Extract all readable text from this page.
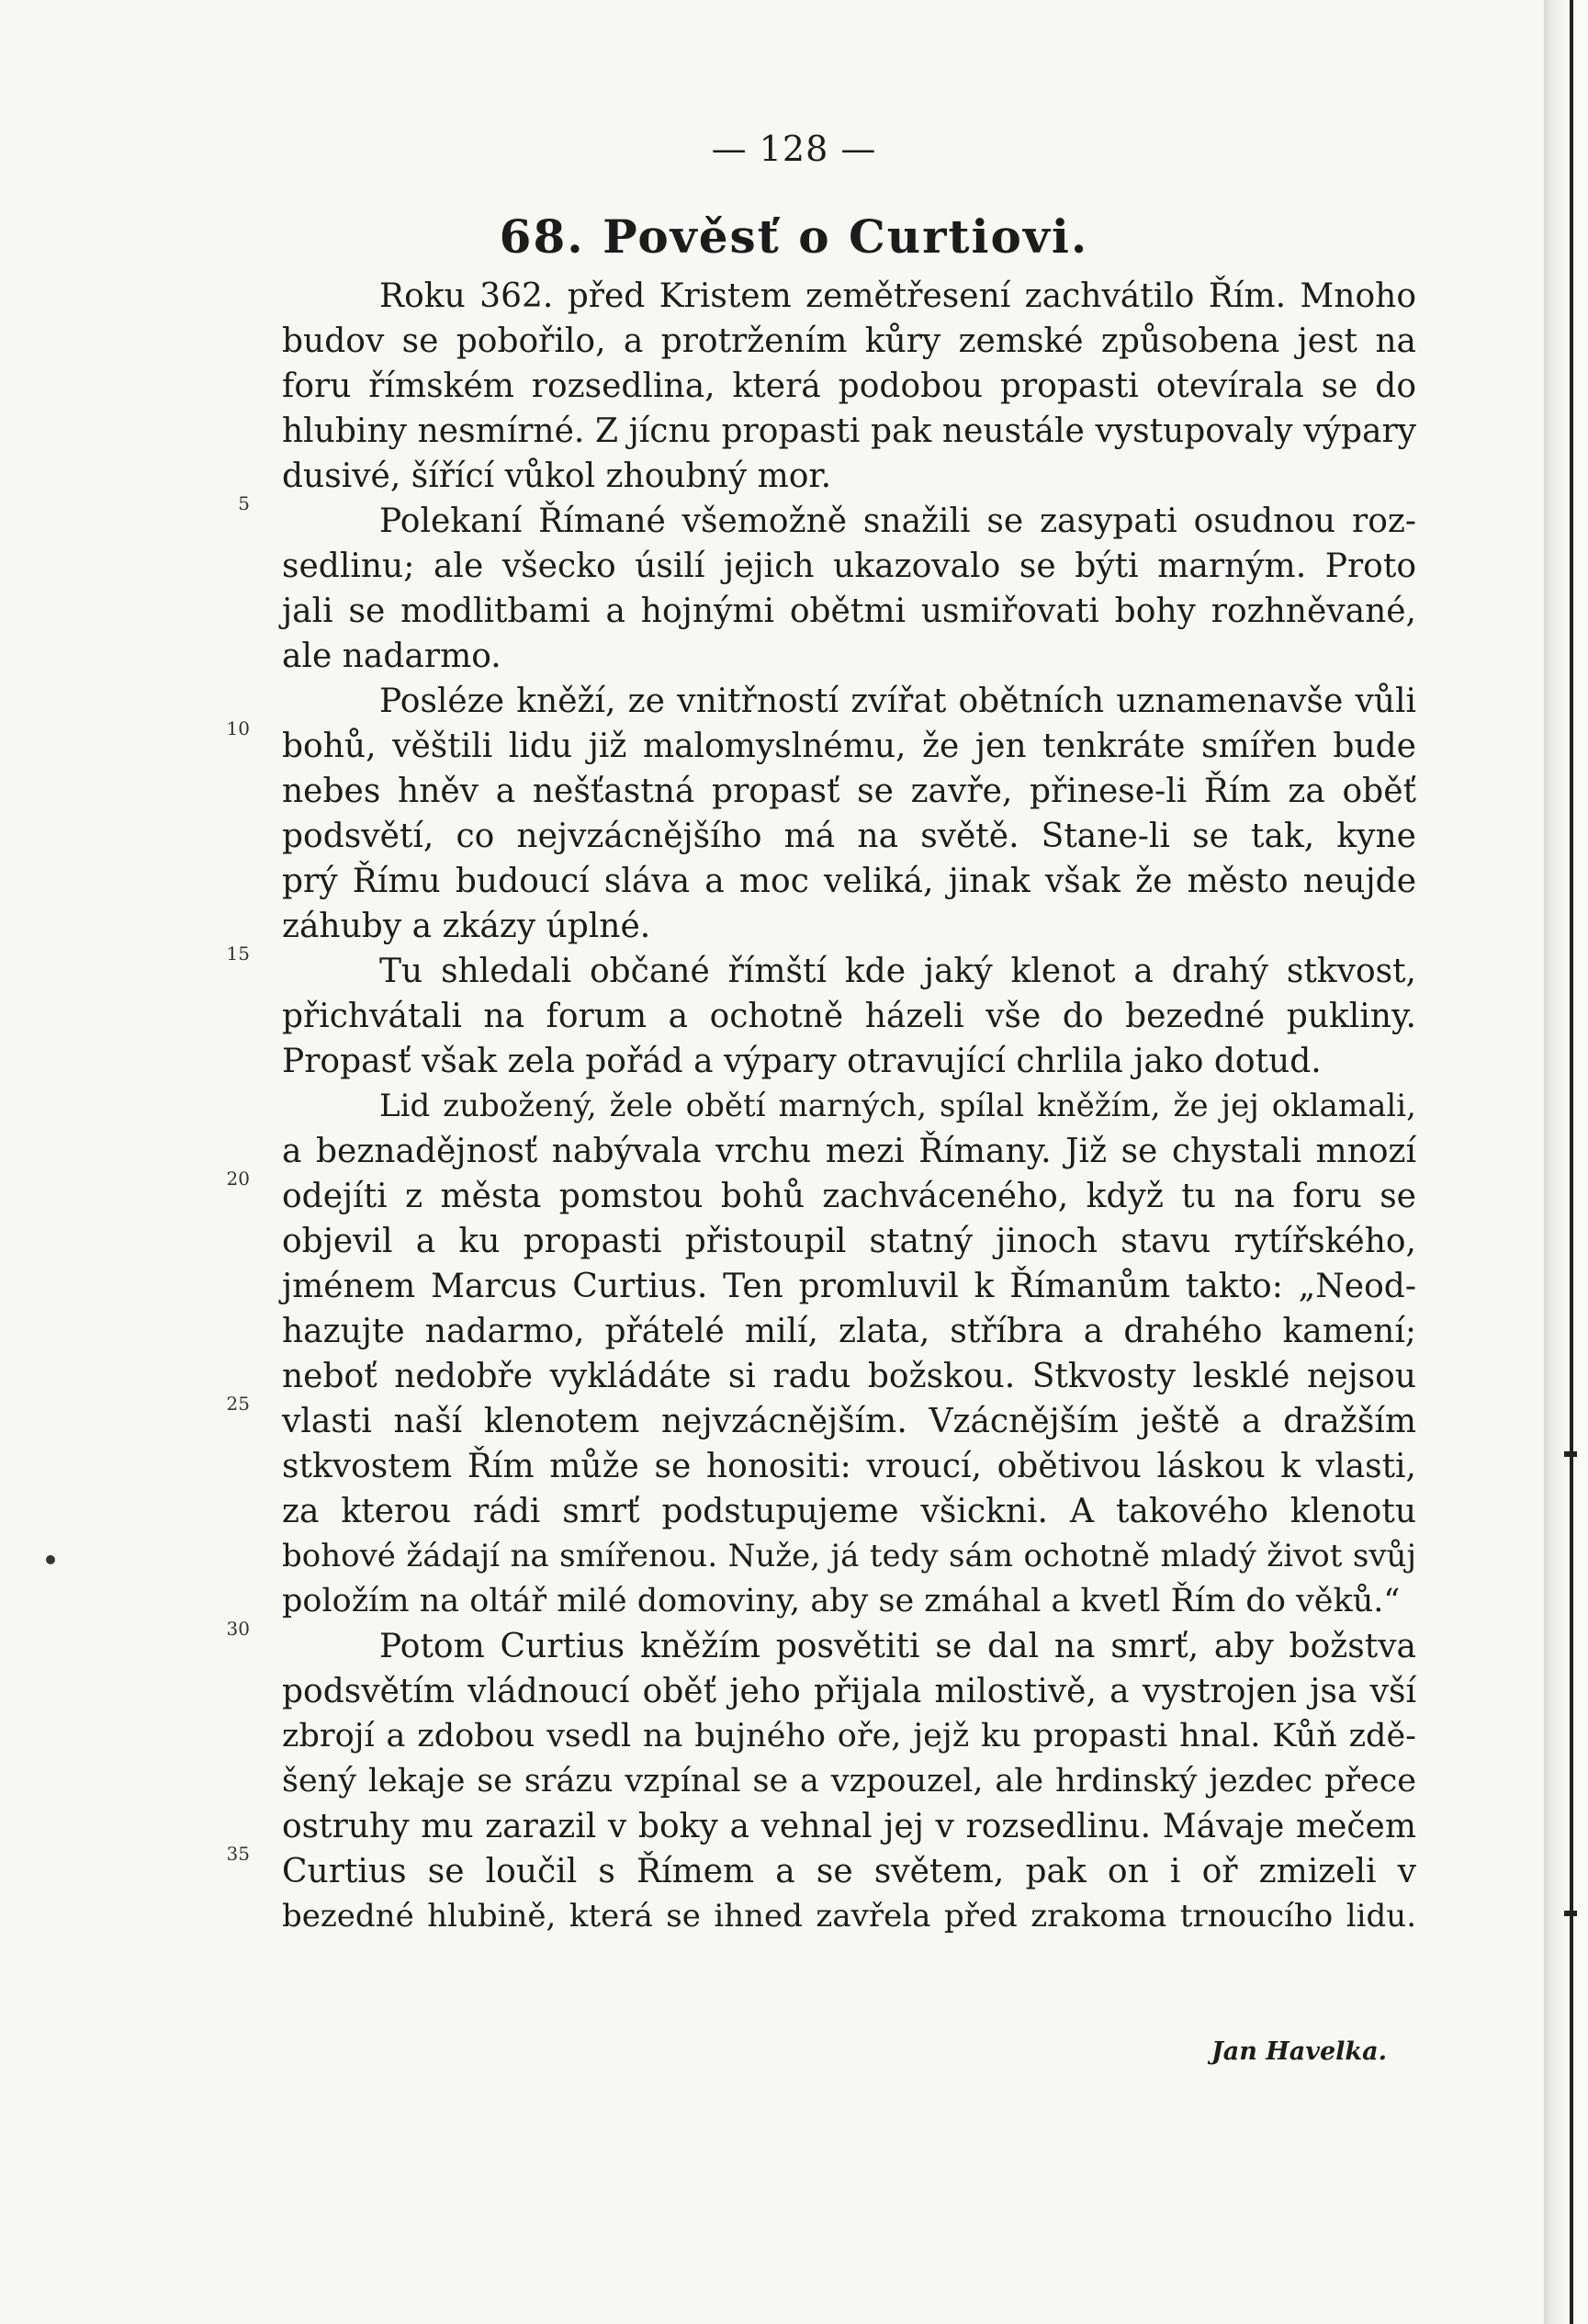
— 128 —
68. Pověsť o Curtiovi.
5
10
15
20
25
30
35
Roku 362. před Kristem zemětřesení zachvátilo Řím. Mnoho
budov se pobořilo, a protržením kůry zemské způsobena jest na
foru římském rozsedlina, která podobou propasti otevírala se do
hlubiny nesmírné. Z jícnu propasti pak neustále vystupovaly výpary
dusivé, šířící vůkol zhoubný mor.
Polekaní Římané všemožně snažili se zasypati osudnou roz-
sedlinu; ale všecko úsilí jejich ukazovalo se býti marným. Proto
jali se modlitbami a hojnými obětmi usmiřovati bohy rozhněvané,
ale nadarmo.
Posléze kněží, ze vnitřností zvířat obětních uznamenavše vůli
bohů, věštili lidu již malomyslnému, že jen tenkráte smířen bude
nebes hněv a nešťastná propasť se zavře, přinese-li Řím za oběť
podsvětí, co nejvzácnějšího má na světě. Stane-li se tak, kyne
prý Římu budoucí sláva a moc veliká, jinak však že město neujde
záhuby a zkázy úplné.
Tu shledali občané římští kde jaký klenot a drahý stkvost,
přichvátali na forum a ochotně házeli vše do bezedné pukliny.
Propasť však zela pořád a výpary otravující chrlila jako dotud.
Lid zubožený, žele obětí marných, spílal kněžím, že jej oklamali,
a beznadějnosť nabývala vrchu mezi Římany. Již se chystali mnozí
odejíti z města pomstou bohů zachváceného, když tu na foru se
objevil a ku propasti přistoupil statný jinoch stavu rytířského,
jménem Marcus Curtius. Ten promluvil k Římanům takto: „Neod-
hazujte nadarmo, přátelé milí, zlata, stříbra a drahého kamení;
neboť nedobře vykládáte si radu božskou. Stkvosty lesklé nejsou
vlasti naší klenotem nejvzácnějším. Vzácnějším ještě a dražším
stkvostem Řím může se honositi: vroucí, obětivou láskou k vlasti,
za kterou rádi smrť podstupujeme všickni. A takového klenotu
bohové žádají na smířenou. Nuže, já tedy sám ochotně mladý život svůj
položím na oltář milé domoviny, aby se zmáhal a kvetl Řím do věků.“
Potom Curtius kněžím posvětiti se dal na smrť, aby božstva
podsvětím vládnoucí oběť jeho přijala milostivě, a vystrojen jsa vší
zbrojí a zdobou vsedl na bujného oře, jejž ku propasti hnal. Kůň zdě-
šený lekaje se srázu vzpínal se a vzpouzel, ale hrdinský jezdec přece
ostruhy mu zarazil v boky a vehnal jej v rozsedlinu. Mávaje mečem
Curtius se loučil s Římem a se světem, pak on i oř zmizeli v
bezedné hlubině, která se ihned zavřela před zrakoma trnoucího lidu.
Jan Havelka.
